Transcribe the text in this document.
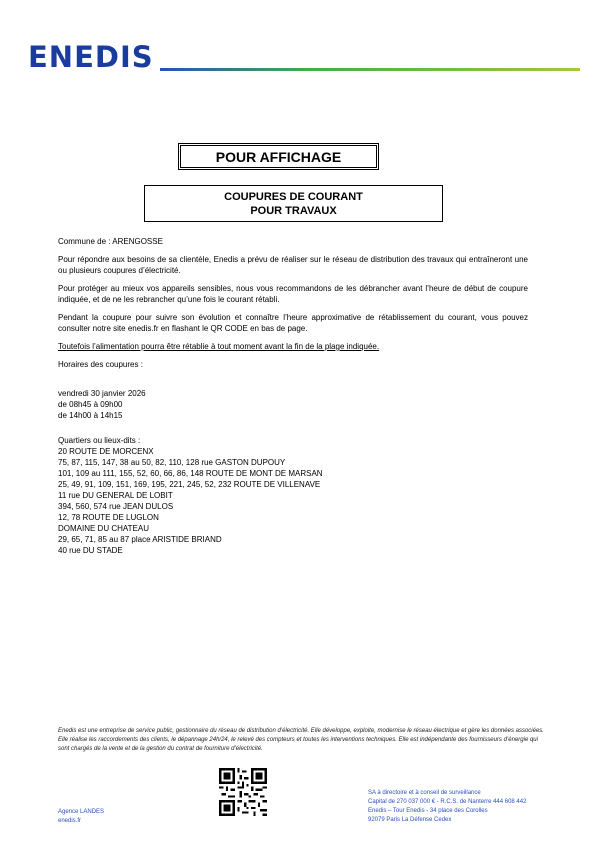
ENEDIS
POUR AFFICHAGE
COUPURES DE COURANT
POUR TRAVAUX

Commune de : ARENGOSSE

Pour répondre aux besoins de sa clientèle, Enedis a prévu de réaliser sur le réseau de distribution des travaux qui entraîneront une ou plusieurs coupures d’électricité.

Pour protéger au mieux vos appareils sensibles, nous vous recommandons de les débrancher avant l’heure de début de coupure indiquée, et de ne les rebrancher qu’une fois le courant rétabli.

Pendant la coupure pour suivre son évolution et connaître l’heure approximative de rétablissement du courant, vous pouvez consulter notre site enedis.fr en flashant le QR CODE en bas de page.

Toutefois l’alimentation pourra être rétablie à tout moment avant la fin de la plage indiquée.

Horaires des coupures :

vendredi 30 janvier 2026
de 08h45 à 09h00
de 14h00 à 14h15
Quartiers ou lieux-dits :
20 ROUTE DE MORCENX
75, 87, 115, 147, 38 au 50, 82, 110, 128 rue GASTON DUPOUY
101, 109 au 111, 155, 52, 60, 66, 86, 148 ROUTE DE MONT DE MARSAN
25, 49, 91, 109, 151, 169, 195, 221, 245, 52, 232 ROUTE DE VILLENAVE
11 rue DU GENERAL DE LOBIT
394, 560, 574 rue JEAN DULOS
12, 78 ROUTE DE LUGLON
DOMAINE DU CHATEAU
29, 65, 71, 85 au 87 place ARISTIDE BRIAND
40 rue DU STADE
Enedis est une entreprise de service public, gestionnaire du réseau de distribution d’électricité. Elle développe, exploite, modernise le réseau électrique et gère les données associées. Elle réalise les raccordements des clients, le dépannage 24h/24, le relevé des compteurs et toutes les interventions techniques. Elle est indépendante des fournisseurs d’énergie qui sont chargés de la vente et de la gestion du contrat de fourniture d’électricité.
Agence LANDES
enedis.fr
SA à directoire et à conseil de surveillance
Capital de 270 037 000 € - R.C.S. de Nanterre 444 608 442
Enedis – Tour Enedis - 34 place des Corolles
92079 Paris La Défense Cedex
